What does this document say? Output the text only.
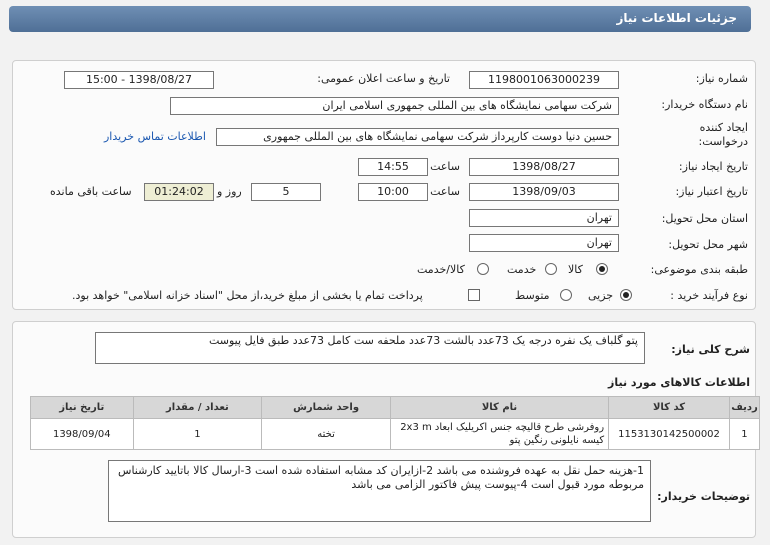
جزئیات اطلاعات نیاز
شماره نیاز:
1198001063000239
تاریخ و ساعت اعلان عمومی:
1398/08/27 - 15:00
نام دستگاه خریدار:
شرکت سهامی نمایشگاه های بین المللی جمهوری اسلامی ایران
ایجاد کننده
درخواست:
حسین دنیا دوست کارپرداز شرکت سهامی نمایشگاه های بین المللی جمهوری
اطلاعات تماس خریدار
تاریخ ایجاد نیاز:
1398/08/27
ساعت
14:55
تاریخ اعتبار نیاز:
1398/09/03
ساعت
10:00
5
روز و
01:24:02
ساعت باقی مانده
استان محل تحویل:
تهران
شهر محل تحویل:
تهران
طبقه بندی موضوعی:
کالا
خدمت
کالا/خدمت
نوع فرآیند خرید :
جزیی
متوسط
پرداخت تمام یا بخشی از مبلغ خرید،از محل "اسناد خزانه اسلامی" خواهد بود.
شرح کلی نیاز:
پتو گلباف یک نفره درجه یک 73عدد بالشت 73عدد ملحفه ست کامل 73عدد طبق فایل پیوست
اطلاعات کالاهای مورد نیاز
ردیف	کد کالا	نام کالا	واحد شمارش	تعداد / مقدار	تاریخ نیاز
1	1153130142500002	روفرشی طرح قالیچه جنس اکریلیک ابعاد 2x3 m کیسه نایلونی رنگین پتو	تخته	1	1398/09/04
توضیحات خریدار:
1-هزینه حمل نقل به عهده فروشنده می باشد 2-ازایران کد مشابه استفاده شده است 3-ارسال کالا باتایید کارشناس مربوطه مورد قبول است 4-پیوست پیش فاکتور الزامی می باشد
